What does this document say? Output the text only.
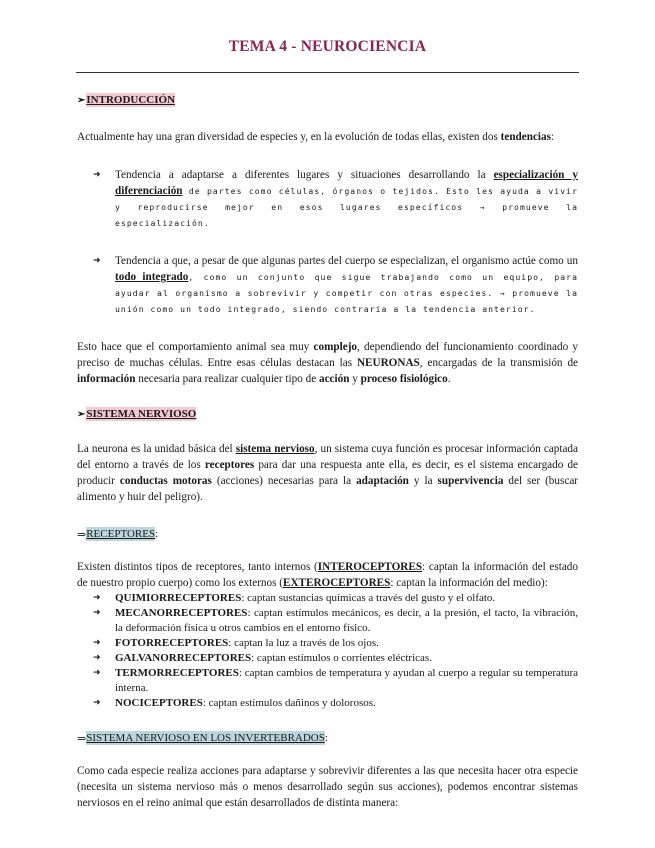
TEMA 4 - NEUROCIENCIA
➢ INTRODUCCIÓN

Actualmente hay una gran diversidad de especies y, en la evolución de todas ellas, existen dos tendencias:

➜ Tendencia a adaptarse a diferentes lugares y situaciones desarrollando la especialización y diferenciación de partes como células, órganos o tejidos. Esto les ayuda a vivir y reproducirse mejor en esos lugares específicos → promueve la especialización.
➜ Tendencia a que, a pesar de que algunas partes del cuerpo se especializan, el organismo actúe como un todo integrado, como un conjunto que sigue trabajando como un equipo, para ayudar al organismo a sobrevivir y competir con otras especies. → promueve la unión como un todo integrado, siendo contraria a la tendencia anterior.

Esto hace que el comportamiento animal sea muy complejo, dependiendo del funcionamiento coordinado y preciso de muchas células. Entre esas células destacan las NEURONAS, encargadas de la transmisión de información necesaria para realizar cualquier tipo de acción y proceso fisiológico.

➢ SISTEMA NERVIOSO

La neurona es la unidad básica del sistema nervioso, un sistema cuya función es procesar información captada del entorno a través de los receptores para dar una respuesta ante ella, es decir, es el sistema encargado de producir conductas motoras (acciones) necesarias para la adaptación y la supervivencia del ser (buscar alimento y huir del peligro).

⇒ RECEPTORES :

Existen distintos tipos de receptores, tanto internos (INTEROCEPTORES: captan la información del estado de nuestro propio cuerpo) como los externos (EXTEROCEPTORES: captan la información del medio):

➜ QUIMIORRECEPTORES: captan sustancias químicas a través del gusto y el olfato.
➜ MECANORRECEPTORES: captan estímulos mecánicos, es decir, a la presión, el tacto, la vibración, la deformación física u otros cambios en el entorno físico.
➜ FOTORRECEPTORES: captan la luz a través de los ojos.
➜ GALVANORRECEPTORES: captan estímulos o corrientes eléctricas.
➜ TERMORRECEPTORES: captan cambios de temperatura y ayudan al cuerpo a regular su temperatura interna.
➜ NOCICEPTORES: captan estímulos dañinos y dolorosos.
⇒ SISTEMA NERVIOSO EN LOS INVERTEBRADOS :

Como cada especie realiza acciones para adaptarse y sobrevivir diferentes a las que necesita hacer otra especie (necesita un sistema nervioso más o menos desarrollado según sus acciones), podemos encontrar sistemas nerviosos en el reino animal que están desarrollados de distinta manera:
